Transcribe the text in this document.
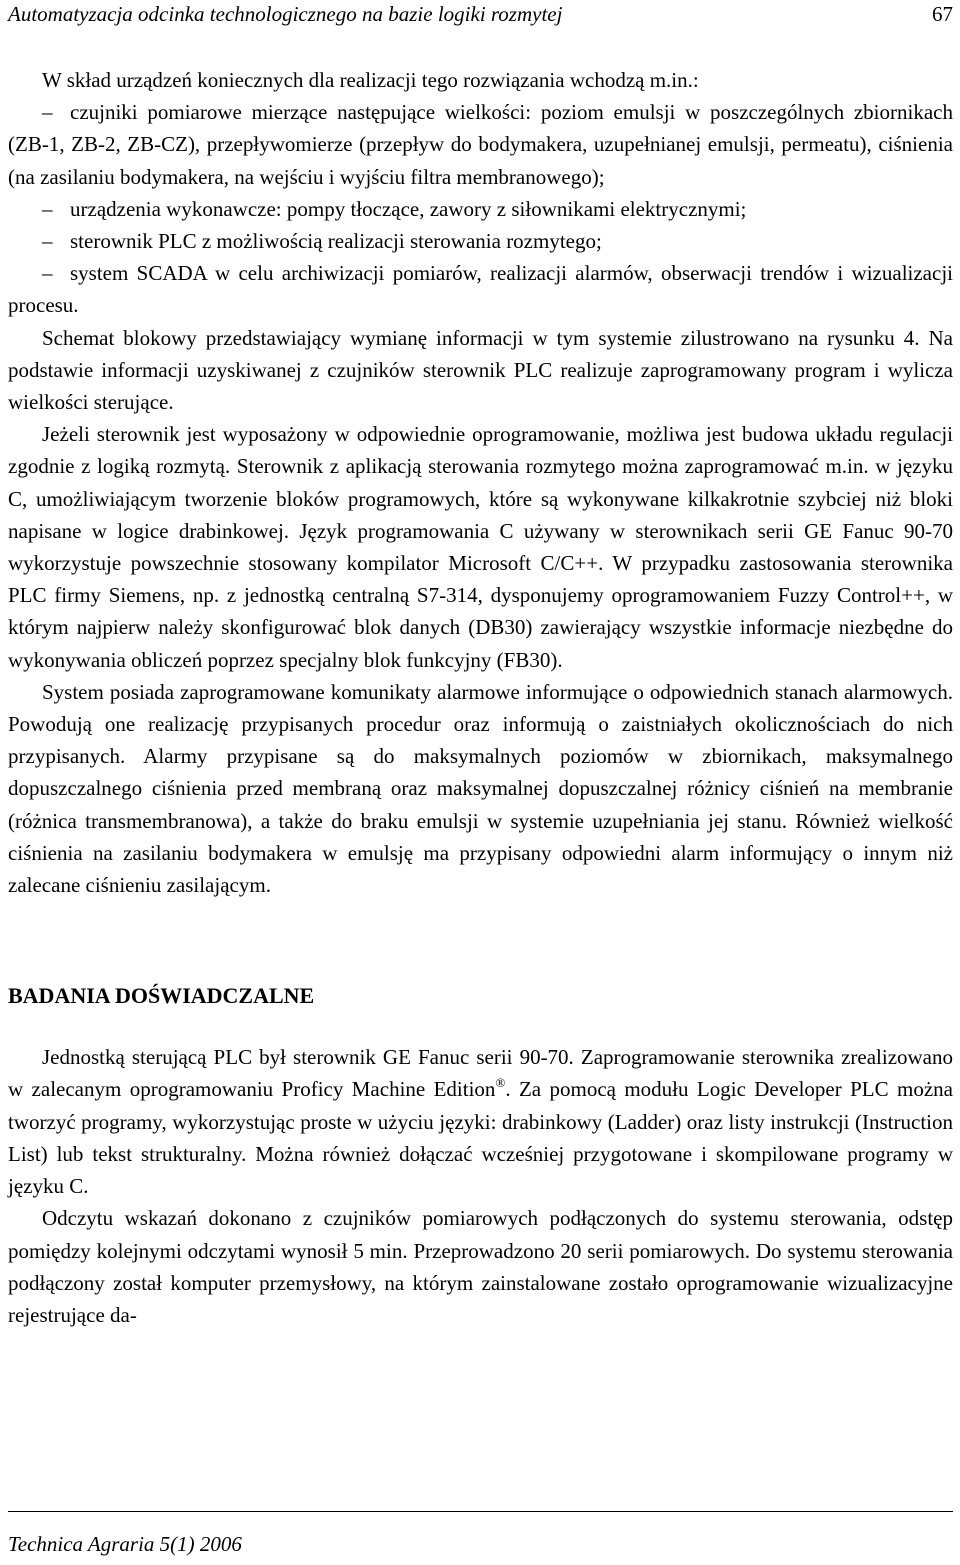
Automatyzacja odcinka technologicznego na bazie logiki rozmytej	67

W skład urządzeń koniecznych dla realizacji tego rozwiązania wchodzą m.in.:

– czujniki pomiarowe mierzące następujące wielkości: poziom emulsji w poszczególnych zbiornikach (ZB-1, ZB-2, ZB-CZ), przepływomierze (przepływ do bodymakera, uzupełnianej emulsji, permeatu), ciśnienia (na zasilaniu bodymakera, na wejściu i wyjściu filtra membranowego);

– urządzenia wykonawcze: pompy tłoczące, zawory z siłownikami elektrycznymi;

– sterownik PLC z możliwością realizacji sterowania rozmytego;

– system SCADA w celu archiwizacji pomiarów, realizacji alarmów, obserwacji trendów i wizualizacji procesu.

Schemat blokowy przedstawiający wymianę informacji w tym systemie zilustrowano na rysunku 4. Na podstawie informacji uzyskiwanej z czujników sterownik PLC realizuje zaprogramowany program i wylicza wielkości sterujące.

Jeżeli sterownik jest wyposażony w odpowiednie oprogramowanie, możliwa jest budowa układu regulacji zgodnie z logiką rozmytą. Sterownik z aplikacją sterowania rozmytego można zaprogramować m.in. w języku C, umożliwiającym tworzenie bloków programowych, które są wykonywane kilkakrotnie szybciej niż bloki napisane w logice drabinkowej. Język programowania C używany w sterownikach serii GE Fanuc 90-70 wykorzystuje powszechnie stosowany kompilator Microsoft C/C++. W przypadku zastosowania sterownika PLC firmy Siemens, np. z jednostką centralną S7-314, dysponujemy oprogramowaniem Fuzzy Control++, w którym najpierw należy skonfigurować blok danych (DB30) zawierający wszystkie informacje niezbędne do wykonywania obliczeń poprzez specjalny blok funkcyjny (FB30).

System posiada zaprogramowane komunikaty alarmowe informujące o odpowiednich stanach alarmowych. Powodują one realizację przypisanych procedur oraz informują o zaistniałych okolicznościach do nich przypisanych. Alarmy przypisane są do maksymalnych poziomów w zbiornikach, maksymalnego dopuszczalnego ciśnienia przed membraną oraz maksymalnej dopuszczalnej różnicy ciśnień na membranie (różnica transmembranowa), a także do braku emulsji w systemie uzupełniania jej stanu. Również wielkość ciśnienia na zasilaniu bodymakera w emulsję ma przypisany odpowiedni alarm informujący o innym niż zalecane ciśnieniu zasilającym.

BADANIA DOŚWIADCZALNE

Jednostką sterującą PLC był sterownik GE Fanuc serii 90-70. Zaprogramowanie sterownika zrealizowano w zalecanym oprogramowaniu Proficy Machine Edition®. Za pomocą modułu Logic Developer PLC można tworzyć programy, wykorzystując proste w użyciu języki: drabinkowy (Ladder) oraz listy instrukcji (Instruction List) lub tekst strukturalny. Można również dołączać wcześniej przygotowane i skompilowane programy w języku C.

Odczytu wskazań dokonano z czujników pomiarowych podłączonych do systemu sterowania, odstęp pomiędzy kolejnymi odczytami wynosił 5 min. Przeprowadzono 20 serii pomiarowych. Do systemu sterowania podłączony został komputer przemysłowy, na którym zainstalowane zostało oprogramowanie wizualizacyjne rejestrujące da-

Technica Agraria 5(1) 2006
